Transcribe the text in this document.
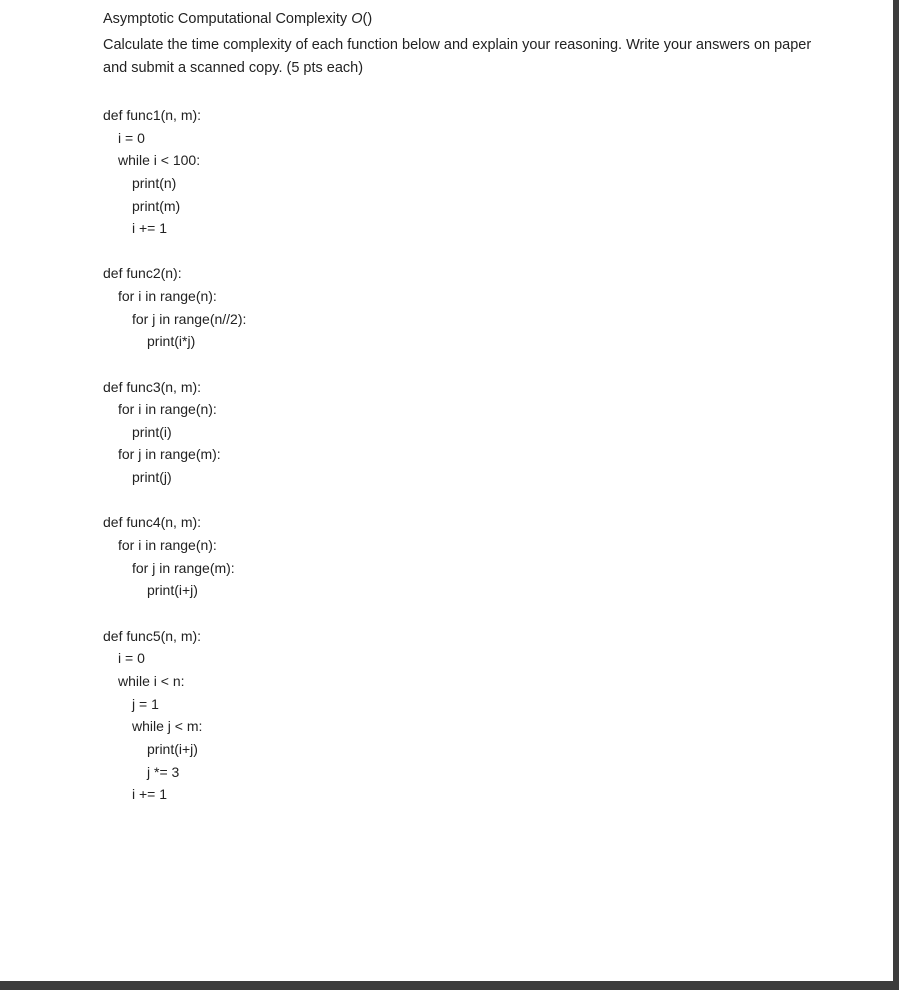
Asymptotic Computational Complexity O()
Calculate the time complexity of each function below and explain your reasoning. Write your answers on paper and submit a scanned copy. (5 pts each)
def func1(n, m):
i = 0
while i < 100:
print(n)
print(m)
i += 1
def func2(n):
for i in range(n):
for j in range(n//2):
print(i*j)
def func3(n, m):
for i in range(n):
print(i)
for j in range(m):
print(j)
def func4(n, m):
for i in range(n):
for j in range(m):
print(i+j)
def func5(n, m):
i = 0
while i < n:
j = 1
while j < m:
print(i+j)
j *= 3
i += 1
